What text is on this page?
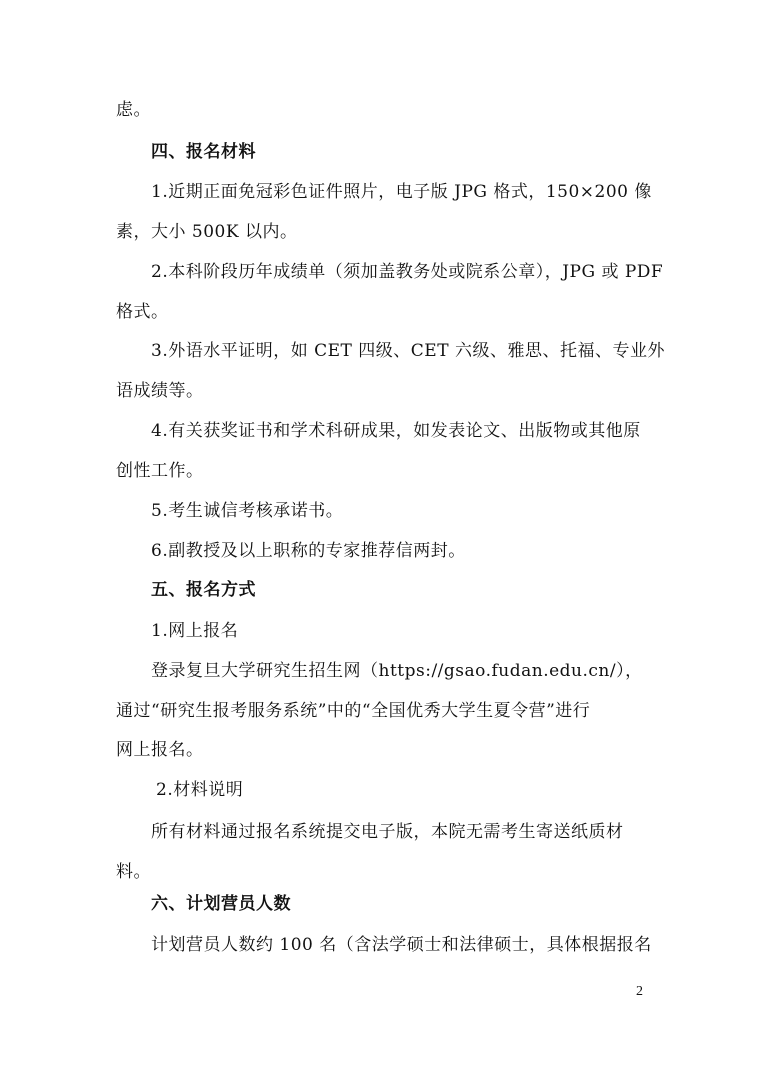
虑。
四、报名材料
1.近期正面免冠彩色证件照片，电子版 JPG 格式，150×200 像
素，大小 500K 以内。
2.本科阶段历年成绩单（须加盖教务处或院系公章），JPG 或 PDF
格式。
3.外语水平证明，如 CET 四级、CET 六级、雅思、托福、专业外
语成绩等。
4.有关获奖证书和学术科研成果，如发表论文、出版物或其他原
创性工作。
5.考生诚信考核承诺书。
6.副教授及以上职称的专家推荐信两封。
五、报名方式
1.网上报名
登录复旦大学研究生招生网（https://gsao.fudan.edu.cn/），
通过“研究生报考服务系统”中的“全国优秀大学生夏令营”进行
网上报名。
2.材料说明
所有材料通过报名系统提交电子版，本院无需考生寄送纸质材
料。
六、计划营员人数
计划营员人数约 100 名（含法学硕士和法律硕士，具体根据报名
2
